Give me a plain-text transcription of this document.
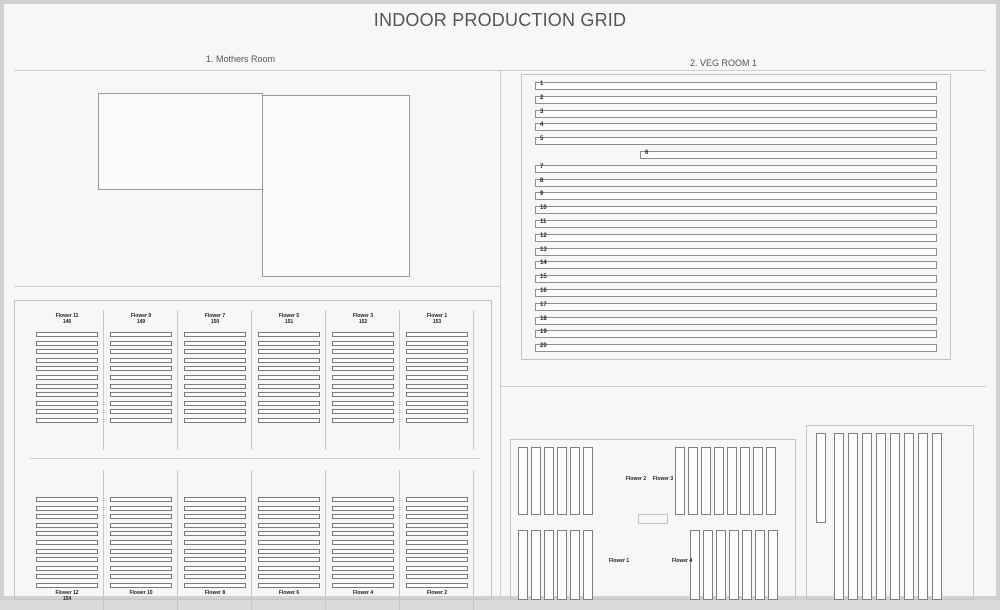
INDOOR PRODUCTION GRID
1. Mothers Room	2. VEG ROOM 1
1
2
3
4
5
6
7
8
9
10
11
12
13
14
15
16
17
18
19
20
Flower 11
146
Flower 9
149
Flower 7
150
Flower 5
151
Flower 3
152
Flower 1
153
Flower 12
154
Flower 10	Flower 8	Flower 6	Flower 4	Flower 2
Flower 2 Flower 3
Flower 1	Flower 4
